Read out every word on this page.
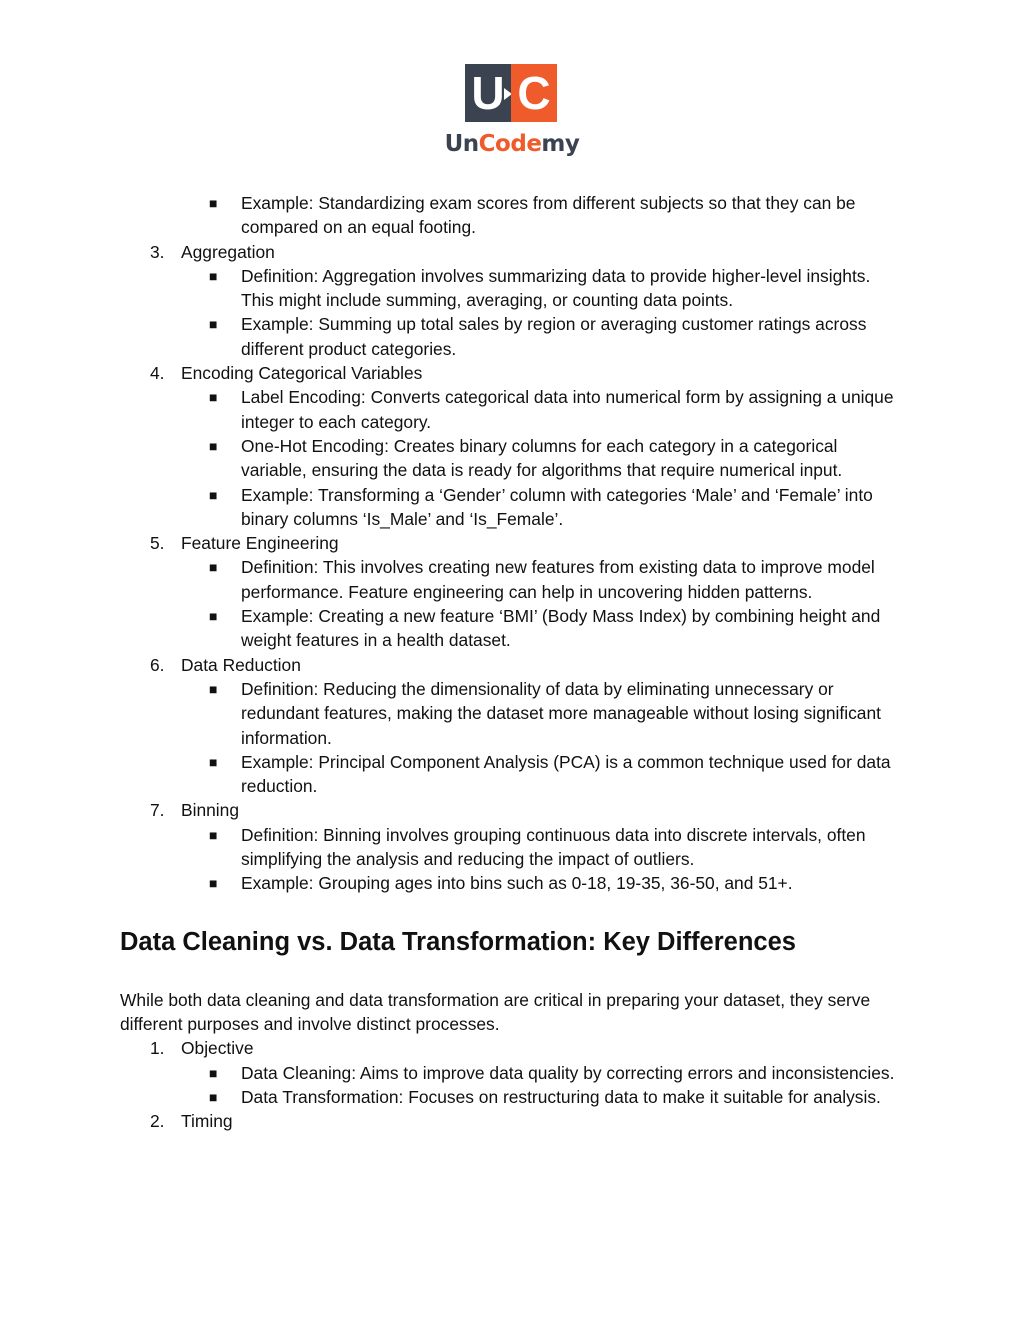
U C
UnCodemy
■ Example: Standardizing exam scores from different subjects so that they can be compared on an equal footing.
3. Aggregation
■ Definition: Aggregation involves summarizing data to provide higher-level insights. This might include summing, averaging, or counting data points.
■ Example: Summing up total sales by region or averaging customer ratings across different product categories.
4. Encoding Categorical Variables
■ Label Encoding: Converts categorical data into numerical form by assigning a unique integer to each category.
■ One-Hot Encoding: Creates binary columns for each category in a categorical variable, ensuring the data is ready for algorithms that require numerical input.
■ Example: Transforming a ‘Gender’ column with categories ‘Male’ and ‘Female’ into binary columns ‘Is_Male’ and ‘Is_Female’.
5. Feature Engineering
■ Definition: This involves creating new features from existing data to improve model performance. Feature engineering can help in uncovering hidden patterns.
■ Example: Creating a new feature ‘BMI’ (Body Mass Index) by combining height and weight features in a health dataset.
6. Data Reduction
■ Definition: Reducing the dimensionality of data by eliminating unnecessary or redundant features, making the dataset more manageable without losing significant information.
■ Example: Principal Component Analysis (PCA) is a common technique used for data reduction.
7. Binning
■ Definition: Binning involves grouping continuous data into discrete intervals, often simplifying the analysis and reducing the impact of outliers.
■ Example: Grouping ages into bins such as 0-18, 19-35, 36-50, and 51+.
Data Cleaning vs. Data Transformation: Key Differences
While both data cleaning and data transformation are critical in preparing your dataset, they serve different purposes and involve distinct processes.
1. Objective
■ Data Cleaning: Aims to improve data quality by correcting errors and inconsistencies.
■ Data Transformation: Focuses on restructuring data to make it suitable for analysis.
2. Timing
